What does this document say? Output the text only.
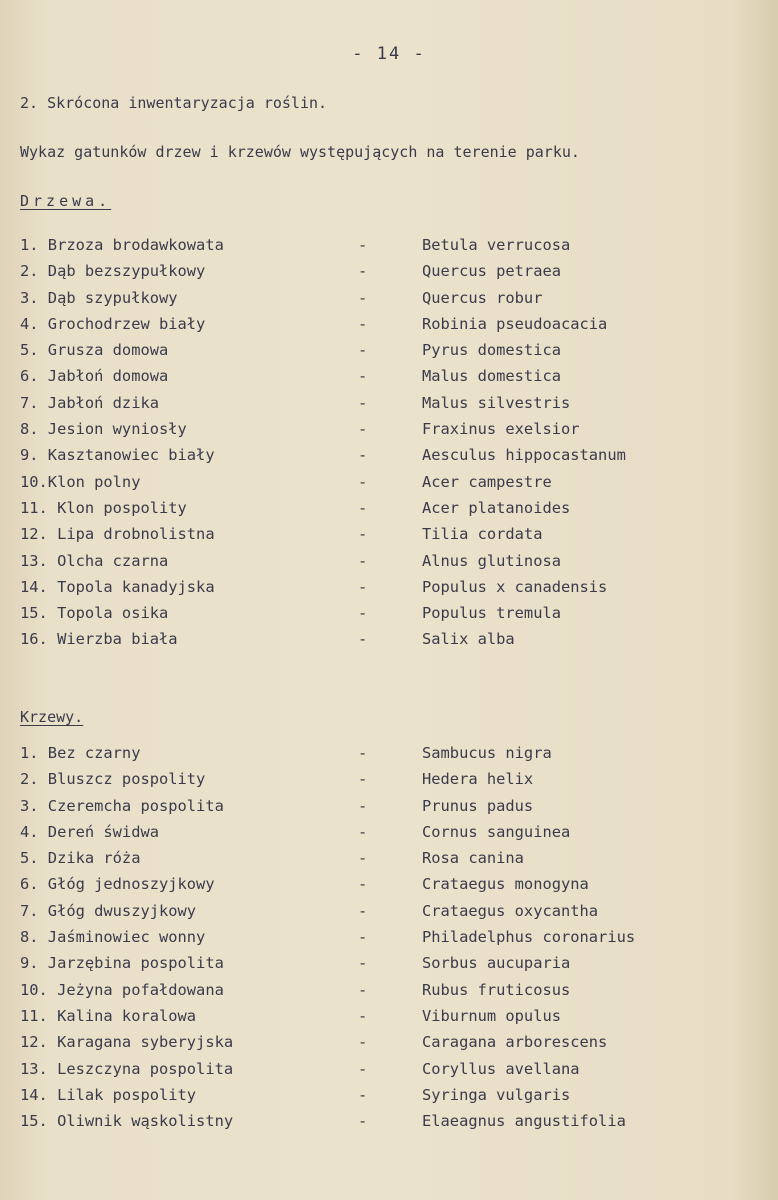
- 14 -
2. Skrócona inwentaryzacja roślin.
Wykaz gatunków drzew i krzewów występujących na terenie parku.
Drzewa.
1. Brzoza brodawkowata	-	Betula verrucosa
2. Dąb bezszypułkowy	-	Quercus petraea
3. Dąb szypułkowy	-	Quercus robur
4. Grochodrzew biały	-	Robinia pseudoacacia
5. Grusza domowa	-	Pyrus domestica
6. Jabłoń domowa	-	Malus domestica
7. Jabłoń dzika	-	Malus silvestris
8. Jesion wyniosły	-	Fraxinus exelsior
9. Kasztanowiec biały	-	Aesculus hippocastanum
10.Klon polny	-	Acer campestre
11. Klon pospolity	-	Acer platanoides
12. Lipa drobnolistna	-	Tilia cordata
13. Olcha czarna	-	Alnus glutinosa
14. Topola kanadyjska	-	Populus x canadensis
15. Topola osika	-	Populus tremula
16. Wierzba biała	-	Salix alba
Krzewy.
1. Bez czarny	-	Sambucus nigra
2. Bluszcz pospolity	-	Hedera helix
3. Czeremcha pospolita	-	Prunus padus
4. Dereń świdwa	-	Cornus sanguinea
5. Dzika róża	-	Rosa canina
6. Głóg jednoszyjkowy	-	Crataegus monogyna
7. Głóg dwuszyjkowy	-	Crataegus oxycantha
8. Jaśminowiec wonny	-	Philadelphus coronarius
9. Jarzębina pospolita	-	Sorbus aucuparia
10. Jeżyna pofałdowana	-	Rubus fruticosus
11. Kalina koralowa	-	Viburnum opulus
12. Karagana syberyjska	-	Caragana arborescens
13. Leszczyna pospolita	-	Coryllus avellana
14. Lilak pospolity	-	Syringa vulgaris
15. Oliwnik wąskolistny	-	Elaeagnus angustifolia
